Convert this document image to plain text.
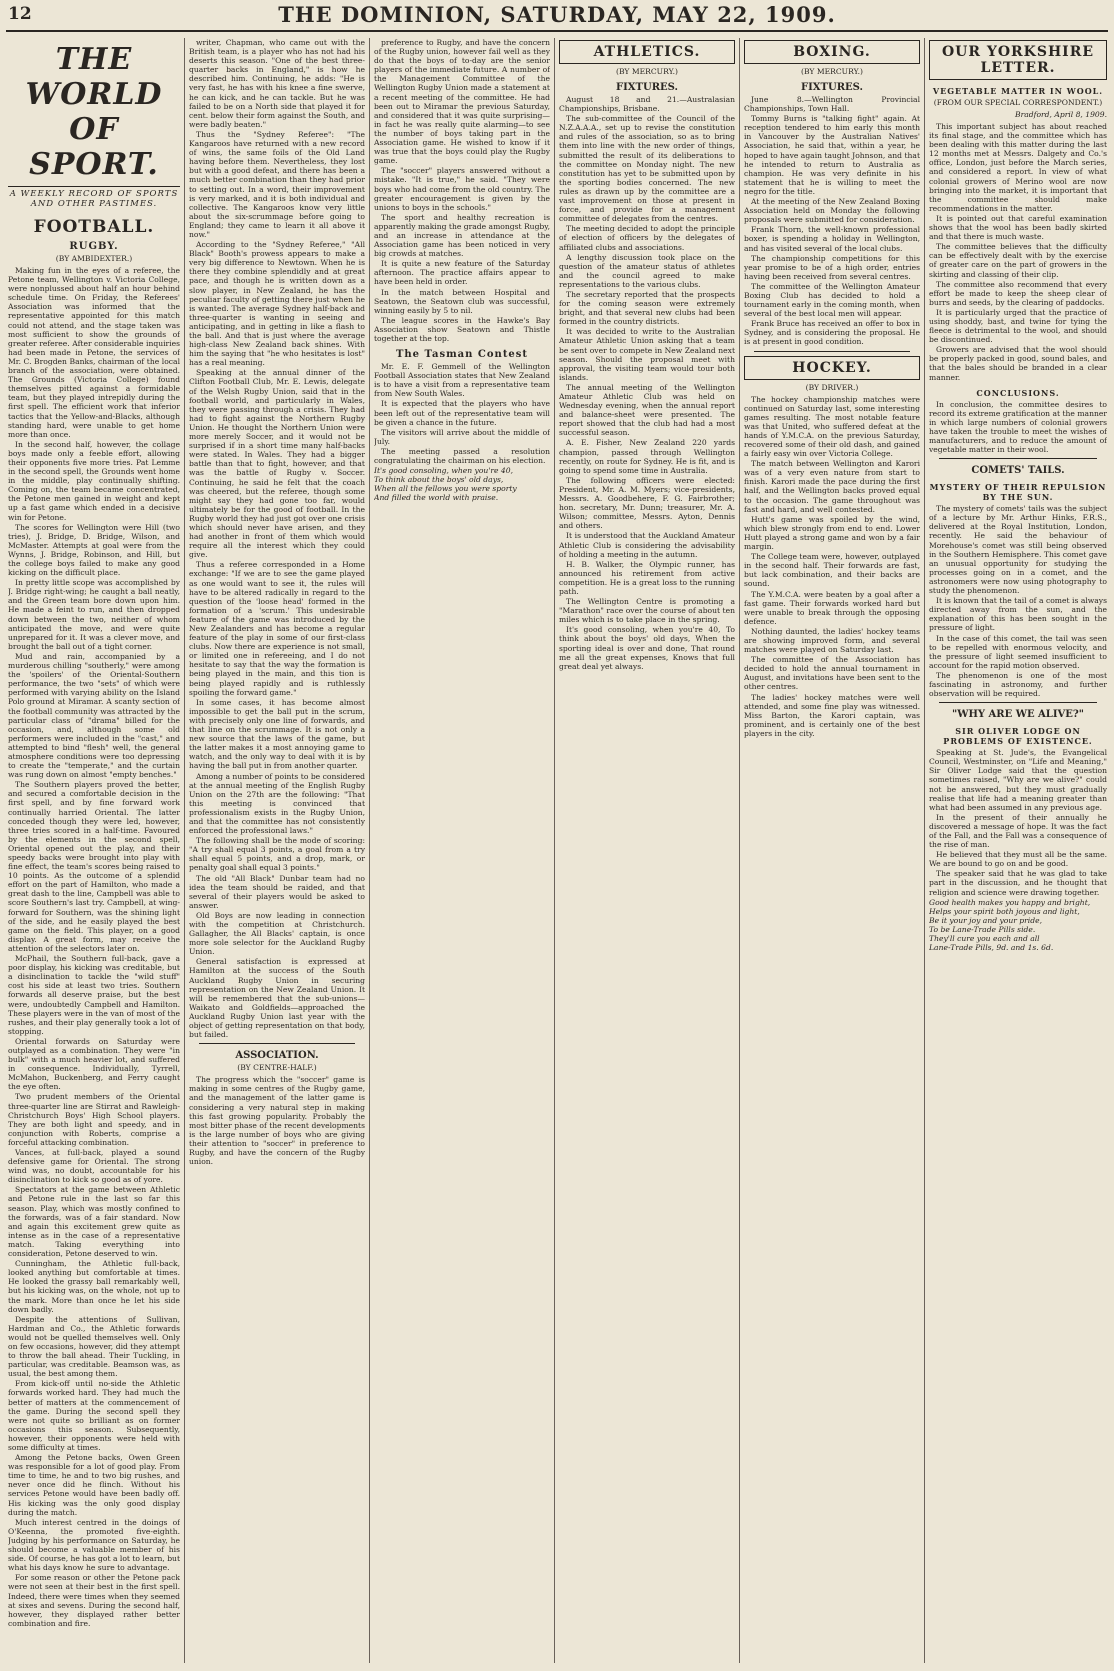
12	THE DOMINION, SATURDAY, MAY 22, 1909.
THE WORLD OF SPORT.
A WEEKLY RECORD OF SPORTS AND OTHER PASTIMES.
FOOTBALL.
RUGBY.
(BY AMBIDEXTER.)

Making fun in the eyes of a referee, the Petone team, Wellington v. Victoria College, were nonplussed about half an hour behind schedule time. On Friday, the Referees' Association was informed that the representative appointed for this match could not attend, and the stage taken was most sufficient to show the grounds of greater referee. After considerable inquiries had been made in Petone, the services of Mr. C. Brogden Banks, chairman of the local branch of the association, were obtained. The Grounds (Victoria College) found themselves pitted against a formidable team, but they played intrepidly during the first spell. The efficient work that inferior tactics that the Yellow-and-Blacks, although standing hard, were unable to get home more than once.

In the second half, however, the collage boys made only a feeble effort, allowing their opponents five more tries. Pat Lemme in the second spell, the Grounds went home in the middle, play continually shifting. Coming on, the team became concentrated, the Petone men gained in weight and kept up a fast game which ended in a decisive win for Petone.

The scores for Wellington were Hill (two tries), J. Bridge, D. Bridge, Wilson, and McMaster. Attempts at goal were from the Wynns, J. Bridge, Robinson, and Hill, but the college boys failed to make any good kicking on the difficult place.

In pretty little scope was accomplished by J. Bridge right-wing; he caught a ball neatly, and the Green team bore down upon him. He made a feint to run, and then dropped down between the two, neither of whom anticipated the move, and were quite unprepared for it. It was a clever move, and brought the ball out of a tight corner.

Mud and rain, accompanied by a murderous chilling "southerly," were among the 'spoilers' of the Oriental-Southern performance, the two "sets" of which were performed with varying ability on the Island Polo ground at Miramar. A scanty section of the football community was attracted by the particular class of "drama" billed for the occasion, and, although some old performers were included in the "cast," and attempted to bind "flesh" well, the general atmosphere conditions were too depressing to create the "temperate," and the curtain was rung down on almost "empty benches."

The Southern players proved the better, and secured a comfortable decision in the first spell, and by fine forward work continually harried Oriental. The latter conceded though they were led, however, three tries scored in a half-time. Favoured by the elements in the second spell, Oriental opened out the play, and their speedy backs were brought into play with fine effect, the team's scores being raised to 10 points. As the outcome of a splendid effort on the part of Hamilton, who made a great dash to the line, Campbell was able to score Southern's last try. Campbell, at wing-forward for Southern, was the shining light of the side, and he easily played the best game on the field. This player, on a good display. A great form, may receive the attention of the selectors later on.

McPhail, the Southern full-back, gave a poor display, his kicking was creditable, but a disinclination to tackle the "wild stuff" cost his side at least two tries. Southern forwards all deserve praise, but the best were, undoubtedly Campbell and Hamilton. These players were in the van of most of the rushes, and their play generally took a lot of stopping.

Oriental forwards on Saturday were outplayed as a combination. They were "in bulk" with a much heavier lot, and suffered in consequence. Individually, Tyrrell, McMahon, Buckenberg, and Ferry caught the eye often.

Two prudent members of the Oriental three-quarter line are Stirrat and Rawleigh-Christchurch Boys' High School players. They are both light and speedy, and in conjunction with Roberts, comprise a forceful attacking combination.

Vances, at full-back, played a sound defensive game for Oriental. The strong wind was, no doubt, accountable for his disinclination to kick so good as of yore.

Spectators at the game between Athletic and Petone rule in the last so far this season. Play, which was mostly confined to the forwards, was of a fair standard. Now and again this excitement grew quite as intense as in the case of a representative match. Taking everything into consideration, Petone deserved to win.

Cunningham, the Athletic full-back, looked anything but comfortable at times. He looked the grassy ball remarkably well, but his kicking was, on the whole, not up to the mark. More than once he let his side down badly.

Despite the attentions of Sullivan, Hardman and Co., the Athletic forwards would not be quelled themselves well. Only on few occasions, however, did they attempt to throw the ball ahead. Their Tuckling, in particular, was creditable. Beamson was, as usual, the best among them.

From kick-off until no-side the Athletic forwards worked hard. They had much the better of matters at the commencement of the game. During the second spell they were not quite so brilliant as on former occasions this season. Subsequently, however, their opponents were held with some difficulty at times.

Among the Petone backs, Owen Green was responsible for a lot of good play. From time to time, he and to two big rushes, and never once did he flinch. Without his services Petone would have been badly off. His kicking was the only good display during the match.

Much interest centred in the doings of O'Keenna, the promoted five-eighth. Judging by his performance on Saturday, he should become a valuable member of his side. Of course, he has got a lot to learn, but what his days know he sure to advantage.

For some reason or other the Petone pack were not seen at their best in the first spell. Indeed, there were times when they seemed at sixes and sevens. During the second half, however, they displayed rather better combination and fire.

writer, Chapman, who came out with the British team, is a player who has not had his deserts this season. "One of the best three-quarter backs in England," is how he described him. Continuing, he adds: "He is very fast, he has with his knee a fine swerve, he can kick, and he can tackle. But he was failed to be on a North side that played it for cent. below their form against the South, and were badly beaten."

Thus the "Sydney Referee": "The Kangaroos have returned with a new record of wins, the same foils of the Old Land having before them. Nevertheless, they lost but with a good defeat, and there has been a much better combination than they had prior to setting out. In a word, their improvement is very marked, and it is both individual and collective. The Kangaroos know very little about the six-scrummage before going to England; they came to learn it all above it now."

According to the "Sydney Referee," "All Black" Booth's prowess appears to make a very big difference to Newtown. When he is there they combine splendidly and at great pace, and though he is written down as a slow player, in New Zealand, he has the peculiar faculty of getting there just when he is wanted. The average Sydney half-back and three-quarter is wanting in seeing and anticipating, and in getting in like a flash to the ball. And that is just where the average high-class New Zealand back shines. With him the saying that "he who hesitates is lost" has a real meaning.

Speaking at the annual dinner of the Clifton Football Club, Mr. E. Lewis, delegate of the Welsh Rugby Union, said that in the football world, and particularly in Wales, they were passing through a crisis. They had had to fight against the Northern Rugby Union. He thought the Northern Union were more merely Soccer, and it would not be surprised if in a short time many half-backs were stated. In Wales. They had a bigger battle than that to fight, however, and that was the battle of Rugby v. Soccer. Continuing, he said he felt that the coach was cheered, but the referee, though some might say they had gone too far, would ultimately be for the good of football. In the Rugby world they had just got over one crisis which should never have arisen, and they had another in front of them which would require all the interest which they could give.

Thus a referee corresponded in a Home exchange: "If we are to see the game played as one would want to see it, the rules will have to be altered radically in regard to the question of the 'loose head' formed in the formation of a 'scrum.' This undesirable feature of the game was introduced by the New Zealanders and has become a regular feature of the play in some of our first-class clubs. Now there are experience is not small, or limited one in refereeing, and I do not hesitate to say that the way the formation is being played in the main, and this tion is being played rapidly and is ruthlessly spoiling the forward game."

In some cases, it has become almost impossible to get the ball put in the scrum, with precisely only one line of forwards, and that line on the scrummage. It is not only a new source that the laws of the game, but the latter makes it a most annoying game to watch, and the only way to deal with it is by having the ball put in from another quarter.

Among a number of points to be considered at the annual meeting of the English Rugby Union on the 27th are the following: "That this meeting is convinced that professionalism exists in the Rugby Union, and that the committee has not consistently enforced the professional laws."

The following shall be the mode of scoring: "A try shall equal 3 points, a goal from a try shall equal 5 points, and a drop, mark, or penalty goal shall equal 3 points."

The old "All Black" Dunbar team had no idea the team should be raided, and that several of their players would be asked to answer.

Old Boys are now leading in connection with the competition at Christchurch. Gallagher, the All Blacks' captain, is once more sole selector for the Auckland Rugby Union.

General satisfaction is expressed at Hamilton at the success of the South Auckland Rugby Union in securing representation on the New Zealand Union. It will be remembered that the sub-unions—Waikato and Goldfields—approached the Auckland Rugby Union last year with the object of getting representation on that body, but failed.

ASSOCIATION.
(BY CENTRE-HALF.)

The progress which the "soccer" game is making in some centres of the Rugby game, and the management of the latter game is considering a very natural step in making this fast growing popularity. Probably the most bitter phase of the recent developments is the large number of boys who are giving their attention to "soccer" in preference to Rugby, and have the concern of the Rugby union.

preference to Rugby, and have the concern of the Rugby union, however fail well as they do that the boys of to-day are the senior players of the immediate future. A number of the Management Committee of the Wellington Rugby Union made a statement at a recent meeting of the committee. He had been out to Miramar the previous Saturday, and considered that it was quite surprising—in fact he was really quite alarming—to see the number of boys taking part in the Association game. He wished to know if it was true that the boys could play the Rugby game.

The "soccer" players answered without a mistake. "It is true," he said. "They were boys who had come from the old country. The greater encouragement is given by the unions to boys in the schools."

The sport and healthy recreation is apparently making the grade amongst Rugby, and an increase in attendance at the Association game has been noticed in very big crowds at matches.

It is quite a new feature of the Saturday afternoon. The practice affairs appear to have been held in order.

In the match between Hospital and Seatown, the Seatown club was successful, winning easily by 5 to nil.

The league scores in the Hawke's Bay Association show Seatown and Thistle together at the top.

The Tasman Contest

Mr. E. F. Gemmell of the Wellington Football Association states that New Zealand is to have a visit from a representative team from New South Wales.

It is expected that the players who have been left out of the representative team will be given a chance in the future.

The visitors will arrive about the middle of July.

The meeting passed a resolution congratulating the chairman on his election.

It's good consoling, when you're 40,
To think about the boys' old days,
When all the fellows you were sporty
And filled the world with praise.

ATHLETICS.
(BY MERCURY.)
FIXTURES.

August 18 and 21.—Australasian Championships, Brisbane.

The sub-committee of the Council of the N.Z.A.A.A., set up to revise the constitution and rules of the association, so as to bring them into line with the new order of things, submitted the result of its deliberations to the committee on Monday night. The new constitution has yet to be submitted upon by the sporting bodies concerned. The new rules as drawn up by the committee are a vast improvement on those at present in force, and provide for a management committee of delegates from the centres.

The meeting decided to adopt the principle of election of officers by the delegates of affiliated clubs and associations.

A lengthy discussion took place on the question of the amateur status of athletes and the council agreed to make representations to the various clubs.

The secretary reported that the prospects for the coming season were extremely bright, and that several new clubs had been formed in the country districts.

It was decided to write to the Australian Amateur Athletic Union asking that a team be sent over to compete in New Zealand next season. Should the proposal meet with approval, the visiting team would tour both islands.

The annual meeting of the Wellington Amateur Athletic Club was held on Wednesday evening, when the annual report and balance-sheet were presented. The report showed that the club had had a most successful season.

A. E. Fisher, New Zealand 220 yards champion, passed through Wellington recently, on route for Sydney. He is fit, and is going to spend some time in Australia.

The following officers were elected: President, Mr. A. M. Myers; vice-presidents, Messrs. A. Goodbehere, F. G. Fairbrother; hon. secretary, Mr. Dunn; treasurer, Mr. A. Wilson; committee, Messrs. Ayton, Dennis and others.

It is understood that the Auckland Amateur Athletic Club is considering the advisability of holding a meeting in the autumn.

H. B. Walker, the Olympic runner, has announced his retirement from active competition. He is a great loss to the running path.

The Wellington Centre is promoting a "Marathon" race over the course of about ten miles which is to take place in the spring.

It's good consoling, when you're 40, To think about the boys' old days, When the sporting ideal is over and done, That round me all the great expenses, Knows that full great deal yet always.

BOXING.
(BY MERCURY.)
FIXTURES.

June 8.—Wellington Provincial Championships, Town Hall.

Tommy Burns is "talking fight" again. At reception tendered to him early this month in Vancouver by the Australian Natives' Association, he said that, within a year, he hoped to have again taught Johnson, and that he intended to return to Australia as champion. He was very definite in his statement that he is willing to meet the negro for the title.

At the meeting of the New Zealand Boxing Association held on Monday the following proposals were submitted for consideration.

Frank Thorn, the well-known professional boxer, is spending a holiday in Wellington, and has visited several of the local clubs.

The championship competitions for this year promise to be of a high order, entries having been received from several centres.

The committee of the Wellington Amateur Boxing Club has decided to hold a tournament early in the coming month, when several of the best local men will appear.

Frank Bruce has received an offer to box in Sydney, and is considering the proposal. He is at present in good condition.

HOCKEY.
(BY DRIVER.)

The hockey championship matches were continued on Saturday last, some interesting games resulting. The most notable feature was that United, who suffered defeat at the hands of Y.M.C.A. on the previous Saturday, recovered some of their old dash, and gained a fairly easy win over Victoria College.

The match between Wellington and Karori was of a very even nature from start to finish. Karori made the pace during the first half, and the Wellington backs proved equal to the occasion. The game throughout was fast and hard, and well contested.

Hutt's game was spoiled by the wind, which blew strongly from end to end. Lower Hutt played a strong game and won by a fair margin.

The College team were, however, outplayed in the second half. Their forwards are fast, but lack combination, and their backs are sound.

The Y.M.C.A. were beaten by a goal after a fast game. Their forwards worked hard but were unable to break through the opposing defence.

Nothing daunted, the ladies' hockey teams are showing improved form, and several matches were played on Saturday last.

The committee of the Association has decided to hold the annual tournament in August, and invitations have been sent to the other centres.

The ladies' hockey matches were well attended, and some fine play was witnessed. Miss Barton, the Karori captain, was prominent, and is certainly one of the best players in the city.

OUR YORKSHIRE LETTER.
VEGETABLE MATTER IN WOOL.
(FROM OUR SPECIAL CORRESPONDENT.)
Bradford, April 8, 1909.

This important subject has about reached its final stage, and the committee which has been dealing with this matter during the last 12 months met at Messrs. Dalgety and Co.'s office, London, just before the March series, and considered a report. In view of what colonial growers of Merino wool are now bringing into the market, it is important that the committee should make recommendations in the matter.

It is pointed out that careful examination shows that the wool has been badly skirted and that there is much waste.

The committee believes that the difficulty can be effectively dealt with by the exercise of greater care on the part of growers in the skirting and classing of their clip.

The committee also recommend that every effort be made to keep the sheep clear of burrs and seeds, by the clearing of paddocks.

It is particularly urged that the practice of using shoddy, bast, and twine for tying the fleece is detrimental to the wool, and should be discontinued.

Growers are advised that the wool should be properly packed in good, sound bales, and that the bales should be branded in a clear manner.

CONCLUSIONS.

In conclusion, the committee desires to record its extreme gratification at the manner in which large numbers of colonial growers have taken the trouble to meet the wishes of manufacturers, and to reduce the amount of vegetable matter in their wool.

COMETS' TAILS.
MYSTERY OF THEIR REPULSION BY THE SUN.

The mystery of comets' tails was the subject of a lecture by Mr. Arthur Hinks, F.R.S., delivered at the Royal Institution, London, recently. He said the behaviour of Morehouse's comet was still being observed in the Southern Hemisphere. This comet gave an unusual opportunity for studying the processes going on in a comet, and the astronomers were now using photography to study the phenomenon.

It is known that the tail of a comet is always directed away from the sun, and the explanation of this has been sought in the pressure of light.

In the case of this comet, the tail was seen to be repelled with enormous velocity, and the pressure of light seemed insufficient to account for the rapid motion observed.

The phenomenon is one of the most fascinating in astronomy, and further observation will be required.

"WHY ARE WE ALIVE?"
SIR OLIVER LODGE ON PROBLEMS OF EXISTENCE.

Speaking at St. Jude's, the Evangelical Council, Westminster, on "Life and Meaning," Sir Oliver Lodge said that the question sometimes raised, "Why are we alive?" could not be answered, but they must gradually realise that life had a meaning greater than what had been assumed in any previous age.

In the present of their annually he discovered a message of hope. It was the fact of the Fall, and the Fall was a consequence of the rise of man.

He believed that they must all be the same. We are bound to go on and be good.

The speaker said that he was glad to take part in the discussion, and he thought that religion and science were drawing together.

Good health makes you happy and bright,
Helps your spirit both joyous and light,
Be it your joy and your pride,
To be Lane-Trade Pills side.
They'll cure you each and all
Lane-Trade Pills, 9d. and 1s. 6d.
